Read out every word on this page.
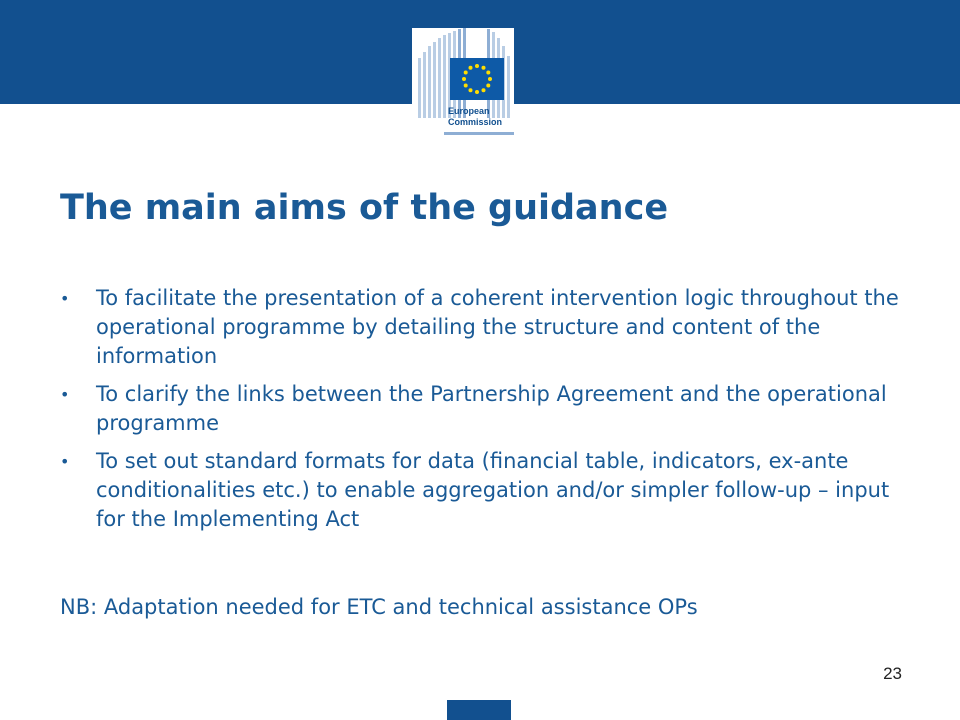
European
Commission
The main aims of the guidance
• To facilitate the presentation of a coherent intervention logic throughout the operational programme by detailing the structure and content of the information
• To clarify the links between the Partnership Agreement and the operational programme
• To set out standard formats for data (financial table, indicators, ex-ante conditionalities etc.) to enable aggregation and/or simpler follow-up – input for the Implementing Act

NB: Adaptation needed for ETC and technical assistance OPs

23
